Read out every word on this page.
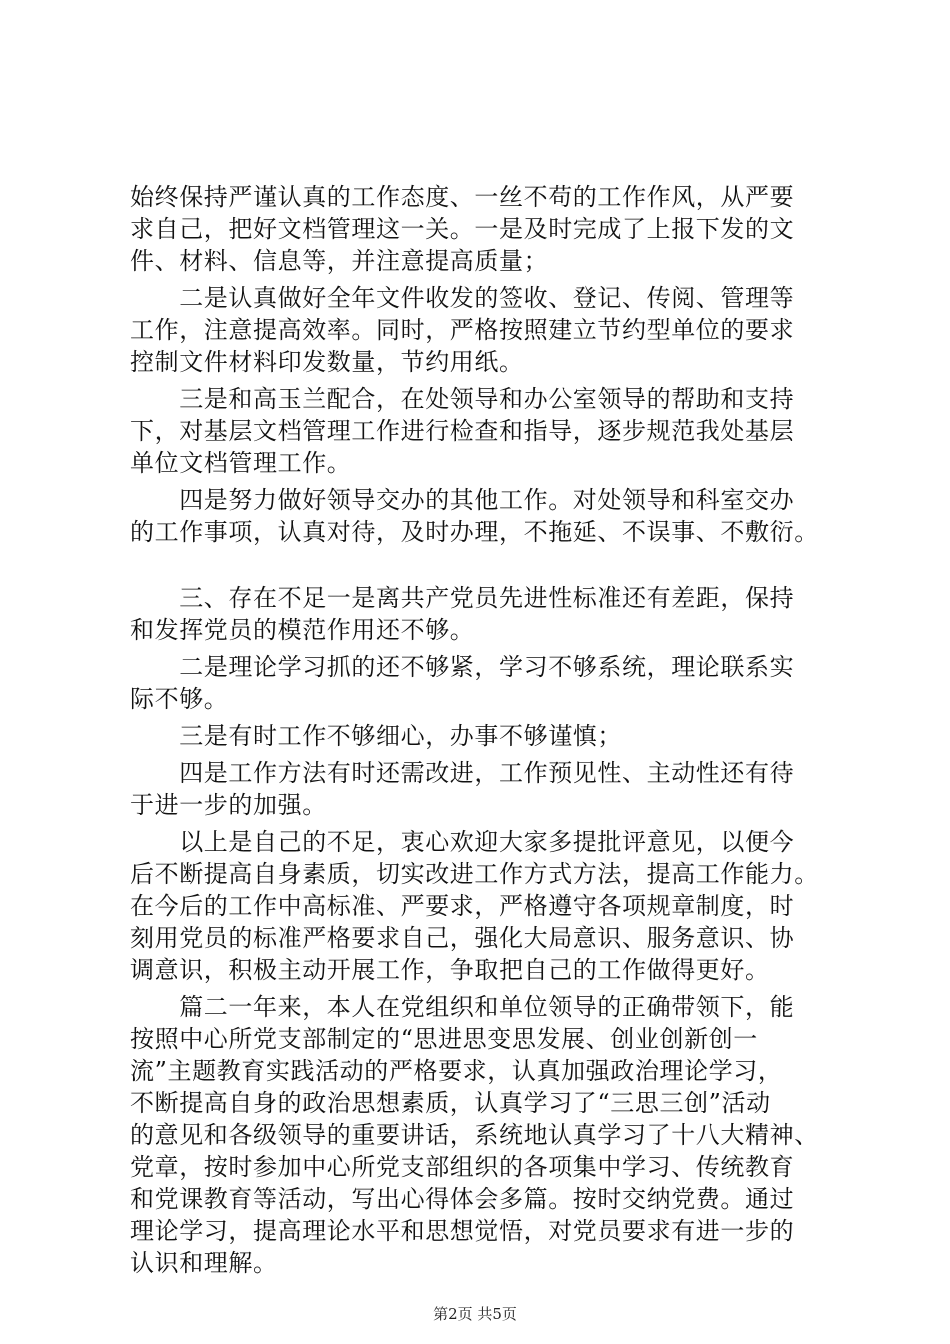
始终保持严谨认真的工作态度、一丝不苟的工作作风，从严要
求自己，把好文档管理这一关。一是及时完成了上报下发的文
件、材料、信息等，并注意提高质量；
　　二是认真做好全年文件收发的签收、登记、传阅、管理等
工作，注意提高效率。同时，严格按照建立节约型单位的要求
控制文件材料印发数量，节约用纸。
　　三是和高玉兰配合，在处领导和办公室领导的帮助和支持
下，对基层文档管理工作进行检查和指导，逐步规范我处基层
单位文档管理工作。
　　四是努力做好领导交办的其他工作。对处领导和科室交办
的工作事项，认真对待，及时办理，不拖延、不误事、不敷衍。
　　三、存在不足一是离共产党员先进性标准还有差距，保持
和发挥党员的模范作用还不够。
　　二是理论学习抓的还不够紧，学习不够系统，理论联系实
际不够。
　　三是有时工作不够细心，办事不够谨慎；
　　四是工作方法有时还需改进，工作预见性、主动性还有待
于进一步的加强。
　　以上是自己的不足，衷心欢迎大家多提批评意见，以便今
后不断提高自身素质，切实改进工作方式方法，提高工作能力。
在今后的工作中高标准、严要求，严格遵守各项规章制度，时
刻用党员的标准严格要求自己，强化大局意识、服务意识、协
调意识，积极主动开展工作，争取把自己的工作做得更好。
　　篇二一年来，本人在党组织和单位领导的正确带领下，能
按照中心所党支部制定的“思进思变思发展、创业创新创一
流”主题教育实践活动的严格要求，认真加强政治理论学习，
不断提高自身的政治思想素质，认真学习了“三思三创”活动
的意见和各级领导的重要讲话，系统地认真学习了十八大精神、
党章，按时参加中心所党支部组织的各项集中学习、传统教育
和党课教育等活动，写出心得体会多篇。按时交纳党费。通过
理论学习，提高理论水平和思想觉悟，对党员要求有进一步的
认识和理解。
第2页 共5页
